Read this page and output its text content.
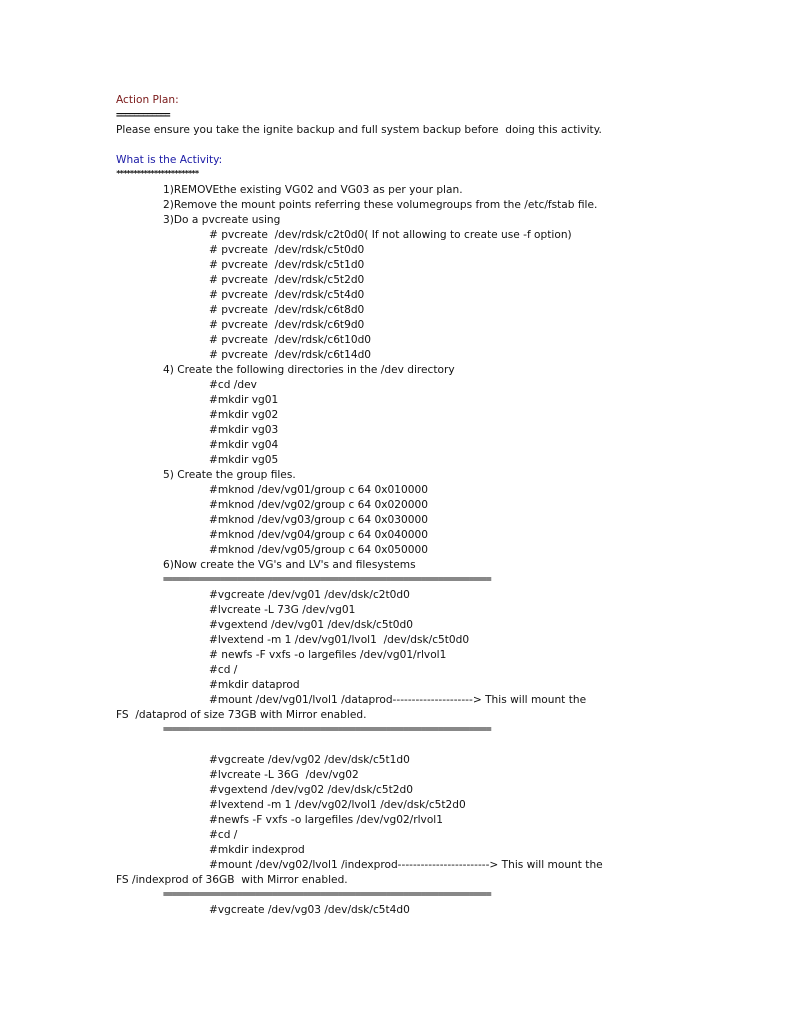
Action Plan:

============

Please ensure you take the ignite backup and full system backup before  doing this activity.

What is the Activity:

************************

1)REMOVEthe existing VG02 and VG03 as per your plan.

2)Remove the mount points referring these volumegroups from the /etc/fstab file.

3)Do a pvcreate using

# pvcreate  /dev/rdsk/c2t0d0( If not allowing to create use -f option)

# pvcreate  /dev/rdsk/c5t0d0

# pvcreate  /dev/rdsk/c5t1d0

# pvcreate  /dev/rdsk/c5t2d0

# pvcreate  /dev/rdsk/c5t4d0

# pvcreate  /dev/rdsk/c6t8d0

# pvcreate  /dev/rdsk/c6t9d0

# pvcreate  /dev/rdsk/c6t10d0

# pvcreate  /dev/rdsk/c6t14d0

4) Create the following directories in the /dev directory

#cd /dev

#mkdir vg01

#mkdir vg02

#mkdir vg03

#mkdir vg04

#mkdir vg05

5) Create the group files.

#mknod /dev/vg01/group c 64 0x010000

#mknod /dev/vg02/group c 64 0x020000

#mknod /dev/vg03/group c 64 0x030000

#mknod /dev/vg04/group c 64 0x040000

#mknod /dev/vg05/group c 64 0x050000

6)Now create the VG's and LV's and filesystems

===========================================================================

#vgcreate /dev/vg01 /dev/dsk/c2t0d0

#lvcreate -L 73G /dev/vg01

#vgextend /dev/vg01 /dev/dsk/c5t0d0

#lvextend -m 1 /dev/vg01/lvol1  /dev/dsk/c5t0d0

# newfs -F vxfs -o largefiles /dev/vg01/rlvol1

#cd /

#mkdir dataprod

#mount /dev/vg01/lvol1 /dataprod---------------------> This will mount the

FS  /dataprod of size 73GB with Mirror enabled.

===========================================================================

#vgcreate /dev/vg02 /dev/dsk/c5t1d0

#lvcreate -L 36G  /dev/vg02

#vgextend /dev/vg02 /dev/dsk/c5t2d0

#lvextend -m 1 /dev/vg02/lvol1 /dev/dsk/c5t2d0

#newfs -F vxfs -o largefiles /dev/vg02/rlvol1

#cd /

#mkdir indexprod

#mount /dev/vg02/lvol1 /indexprod------------------------> This will mount the

FS /indexprod of 36GB  with Mirror enabled.

===========================================================================

#vgcreate /dev/vg03 /dev/dsk/c5t4d0
